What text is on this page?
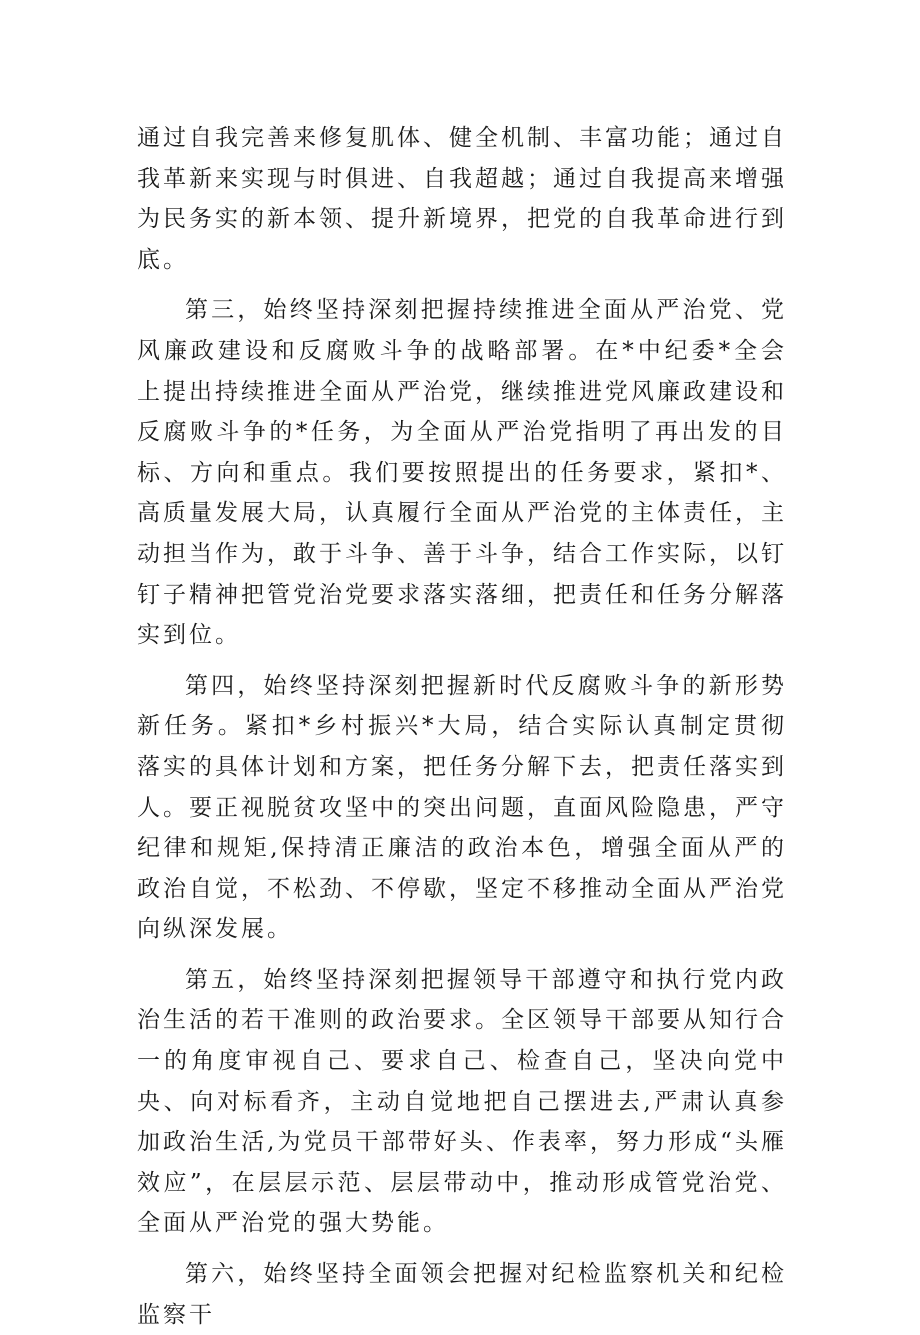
通过自我完善来修复肌体、健全机制、丰富功能；通过自我革新来实现与时俱进、自我超越；通过自我提高来增强为民务实的新本领、提升新境界，把党的自我革命进行到底。

第三，始终坚持深刻把握持续推进全面从严治党、党风廉政建设和反腐败斗争的战略部署。在*中纪委*全会上提出持续推进全面从严治党，继续推进党风廉政建设和反腐败斗争的*任务，为全面从严治党指明了再出发的目标、方向和重点。我们要按照提出的任务要求，紧扣*、高质量发展大局，认真履行全面从严治党的主体责任，主动担当作为，敢于斗争、善于斗争，结合工作实际，以钉钉子精神把管党治党要求落实落细，把责任和任务分解落实到位。

第四，始终坚持深刻把握新时代反腐败斗争的新形势新任务。紧扣*乡村振兴*大局，结合实际认真制定贯彻落实的具体计划和方案，把任务分解下去，把责任落实到人。要正视脱贫攻坚中的突出问题，直面风险隐患，严守纪律和规矩,保持清正廉洁的政治本色，增强全面从严的政治自觉，不松劲、不停歇，坚定不移推动全面从严治党向纵深发展。

第五，始终坚持深刻把握领导干部遵守和执行党内政治生活的若干准则的政治要求。全区领导干部要从知行合一的角度审视自己、要求自己、检查自己，坚决向党中央、向对标看齐，主动自觉地把自己摆进去,严肃认真参加政治生活,为党员干部带好头、作表率，努力形成“头雁效应”，在层层示范、层层带动中，推动形成管党治党、全面从严治党的强大势能。

第六，始终坚持全面领会把握对纪检监察机关和纪检监察干
